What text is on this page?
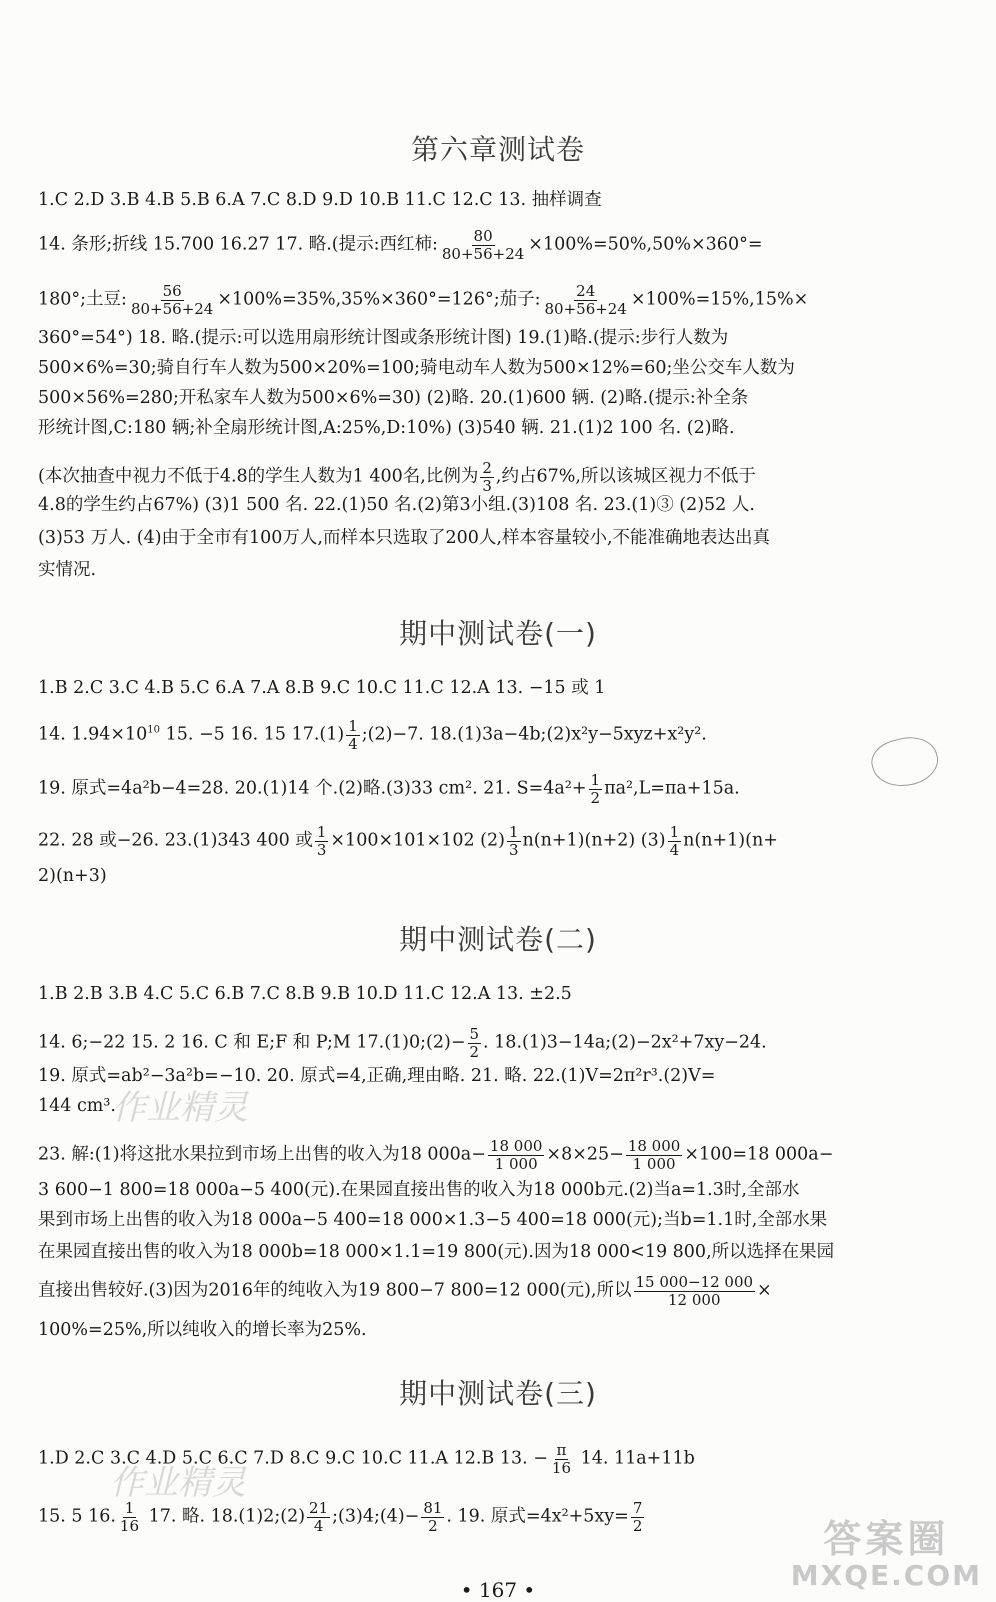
第六章测试卷
1.C 2.D 3.B 4.B 5.B 6.A 7.C 8.D 9.D 10.B 11.C 12.C 13. 抽样调查
14. 条形;折线 15.700 16.27 17. 略.(提示:西红柿: $\frac{80}{80+56+24} \times 100\%=50\%,50\%\times 360^\circ=$
180°;土豆: $\frac{56}{80+56+24} \times 100\%=35\%,35\%\times 360^\circ=126^\circ$;茄子: $\frac{24}{80+56+24} \times 100\%=15\%,15\%\times$
360°=54°) 18. 略.(提示:可以选用扇形统计图或条形统计图) 19.(1)略.(提示:步行人数为
500×6%=30;骑自行车人数为500×20%=100;骑电动车人数为500×12%=60;坐公交车人数为
500×56%=280;开私家车人数为500×6%=30) (2)略. 20.(1)600 辆. (2)略.(提示:补全条
形统计图,C:180 辆;补全扇形统计图,A:25%,D:10%) (3)540 辆. 21.(1)2 100 名. (2)略.
(本次抽查中视力不低于4.8的学生人数为1 400名,比例为 $\frac{2}{3}$ ,约占67%,所以该城区视力不低于
4.8的学生约占67%) (3)1 500 名. 22.(1)50 名.(2)第3小组.(3)108 名. 23.(1)③ (2)52 人.
(3)53 万人. (4)由于全市有100万人,而样本只选取了200人,样本容量较小,不能准确地表达出真
实情况.
期中测试卷(一)
1.B 2.C 3.C 4.B 5.C 6.A 7.A 8.B 9.C 10.C 11.C 12.A 13. −15 或 1
14. $1.94\times 10^{10}$ 15. −5 16. 15 $17.(1) \frac{1}{4}$ ;(2)−7. 18.(1)3a−4b;(2)x²y−5xyz+x²y².
19. 原式=4a²b−4=28. 20.(1)14 个.(2)略.(3)33 cm². 21. $S=4a^2+ \frac{1}{2} \pi a^2,L=\pi a+15a$.
22. 28 或−26. 23.(1)343 400 或 $\frac{1}{3} \times 100\times 101\times 102$ $(2) \frac{1}{3} n(n+1)(n+2)$ $(3) \frac{1}{4} n(n+1)(n+$
2)(n+3)
期中测试卷(二)
1.B 2.B 3.B 4.C 5.C 6.B 7.C 8.B 9.B 10.D 11.C 12.A 13. ±2.5
14. 6;−22 15. 2 16. C 和 E;F 和 P;M 17.(1)0;(2)− $\frac{5}{2}$ . 18.(1)3−14a;(2)−2x²+7xy−24.
19. 原式=ab²−3a²b=−10. 20. 原式=4,正确,理由略. 21. 略. 22.(1)V=2π²r³.(2)V=
144 cm³.
23. 解:(1)将这批水果拉到市场上出售的收入为18 $000a- \frac{18 000}{1 000} \times 8\times 25- \frac{18 000}{1 000} \times 100=18$ 000a−
3 600−1 800=18 000a−5 400(元).在果园直接出售的收入为18 000b元.(2)当a=1.3时,全部水
果到市场上出售的收入为18 000a−5 400=18 000×1.3−5 400=18 000(元);当b=1.1时,全部水果
在果园直接出售的收入为18 000b=18 000×1.1=19 800(元).因为18 000<19 800,所以选择在果园
直接出售较好.(3)因为2016年的纯收入为19 800−7 800=12 000(元),所以 $\frac{15 000-12 000}{12 000}$ ×
100%=25%,所以纯收入的增长率为25%.
期中测试卷(三)
1.D 2.C 3.C 4.D 5.C 6.C 7.D 8.C 9.C 10.C 11.A 12.B 13. − $\frac{\pi}{16} 14$. 11a+11b
15. 5 16. $\frac{1}{16} 17$. 略. 18.(1)2;(2) $\frac{21}{4}$ ;(3)4;(4)− $\frac{81}{2}$ . 19. 原式$=4x^2+5xy= \frac{7}{2}$
• 167 •
作业精灵
作业精灵
答案圈
MXQE.COM
